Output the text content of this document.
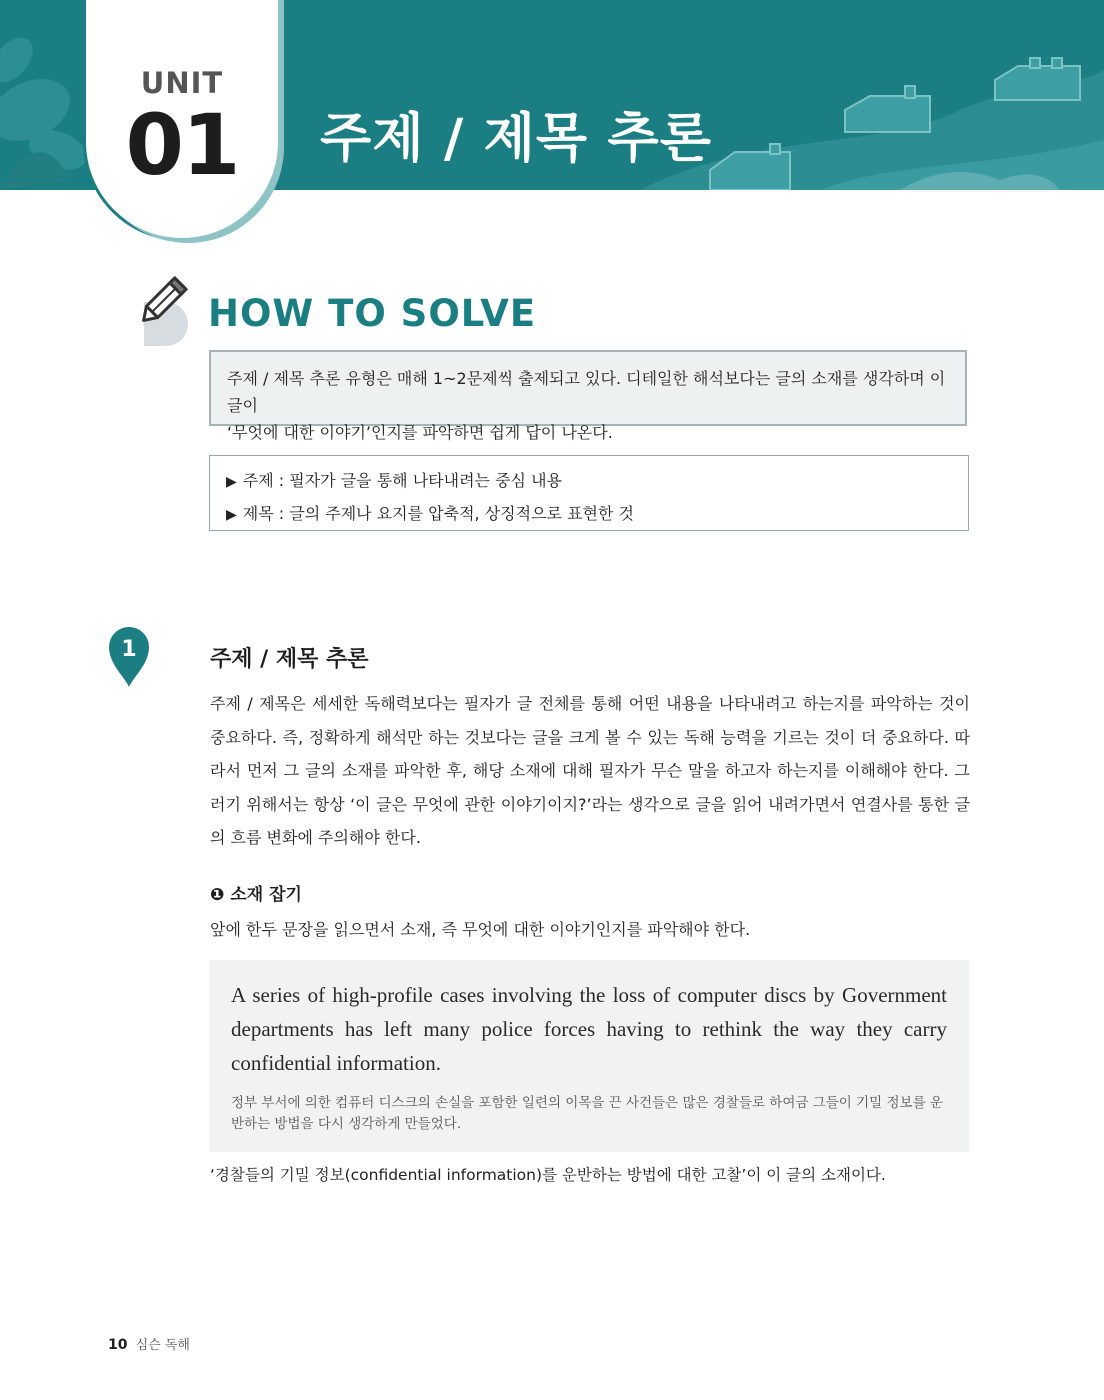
UNIT
01	주제 / 제목 추론
HOW TO SOLVE
주제 / 제목 추론 유형은 매해 1~2문제씩 출제되고 있다. 디테일한 해석보다는 글의 소재를 생각하며 이 글이
‘무엇에 대한 이야기’인지를 파악하면 쉽게 답이 나온다.
▶ 주제 : 필자가 글을 통해 나타내려는 중심 내용
▶ 제목 : 글의 주제나 요지를 압축적, 상징적으로 표현한 것
1	주제 / 제목 추론
주제 / 제목은 세세한 독해력보다는 필자가 글 전체를 통해 어떤 내용을 나타내려고 하는지를 파악하는 것이 중요하다. 즉, 정확하게 해석만 하는 것보다는 글을 크게 볼 수 있는 독해 능력을 기르는 것이 더 중요하다. 따라서 먼저 그 글의 소재를 파악한 후, 해당 소재에 대해 필자가 무슨 말을 하고자 하는지를 이해해야 한다. 그러기 위해서는 항상 ‘이 글은 무엇에 관한 이야기이지?’라는 생각으로 글을 읽어 내려가면서 연결사를 통한 글의 흐름 변화에 주의해야 한다.
❶ 소재 잡기
앞에 한두 문장을 읽으면서 소재, 즉 무엇에 대한 이야기인지를 파악해야 한다.
A series of high-profile cases involving the loss of computer discs by Government departments has left many police forces having to rethink the way they carry confidential information.
정부 부서에 의한 컴퓨터 디스크의 손실을 포함한 일련의 이목을 끈 사건들은 많은 경찰들로 하여금 그들이 기밀 정보를 운반하는 방법을 다시 생각하게 만들었다.
‘경찰들의 기밀 정보(confidential information)를 운반하는 방법에 대한 고찰’이 이 글의 소재이다.
10 심슨 독해
